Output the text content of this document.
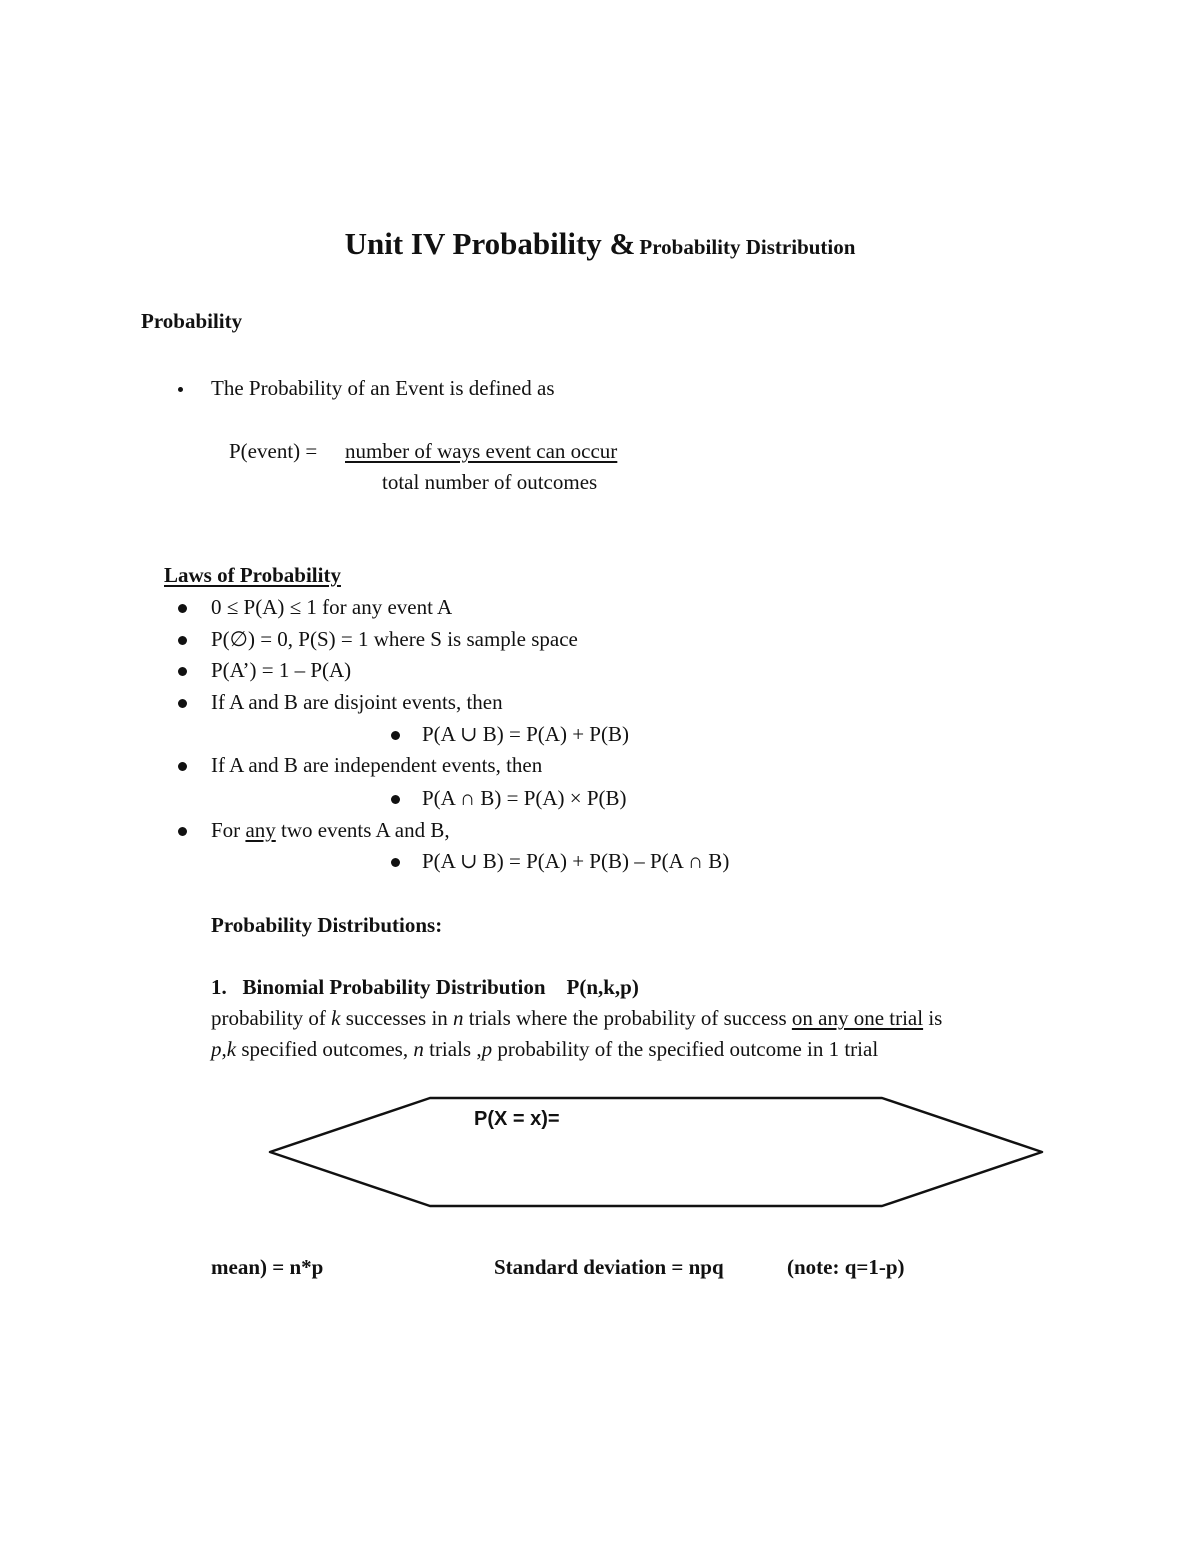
Unit IV Probability & Probability Distribution
Probability
The Probability of an Event is defined as
P(event) = number of ways event can occur
total number of outcomes
Laws of Probability
0 ≤ P(A) ≤ 1 for any event A
P(∅) = 0, P(S) = 1 where S is sample space
P(A’) = 1 – P(A)
If A and B are disjoint events, then
P(A ∪ B) = P(A) + P(B)
If A and B are independent events, then
P(A ∩ B) = P(A) × P(B)
For any two events A and B,
P(A ∪ B) = P(A) + P(B) – P(A ∩ B)
Probability Distributions:
1. Binomial Probability Distribution P(n,k,p)
probability of k successes in n trials where the probability of success on any one trial is
p,k specified outcomes, n trials ,p probability of the specified outcome in 1 trial
P(X = x)=
mean) = n*p	Standard deviation = npq	(note: q=1-p)
